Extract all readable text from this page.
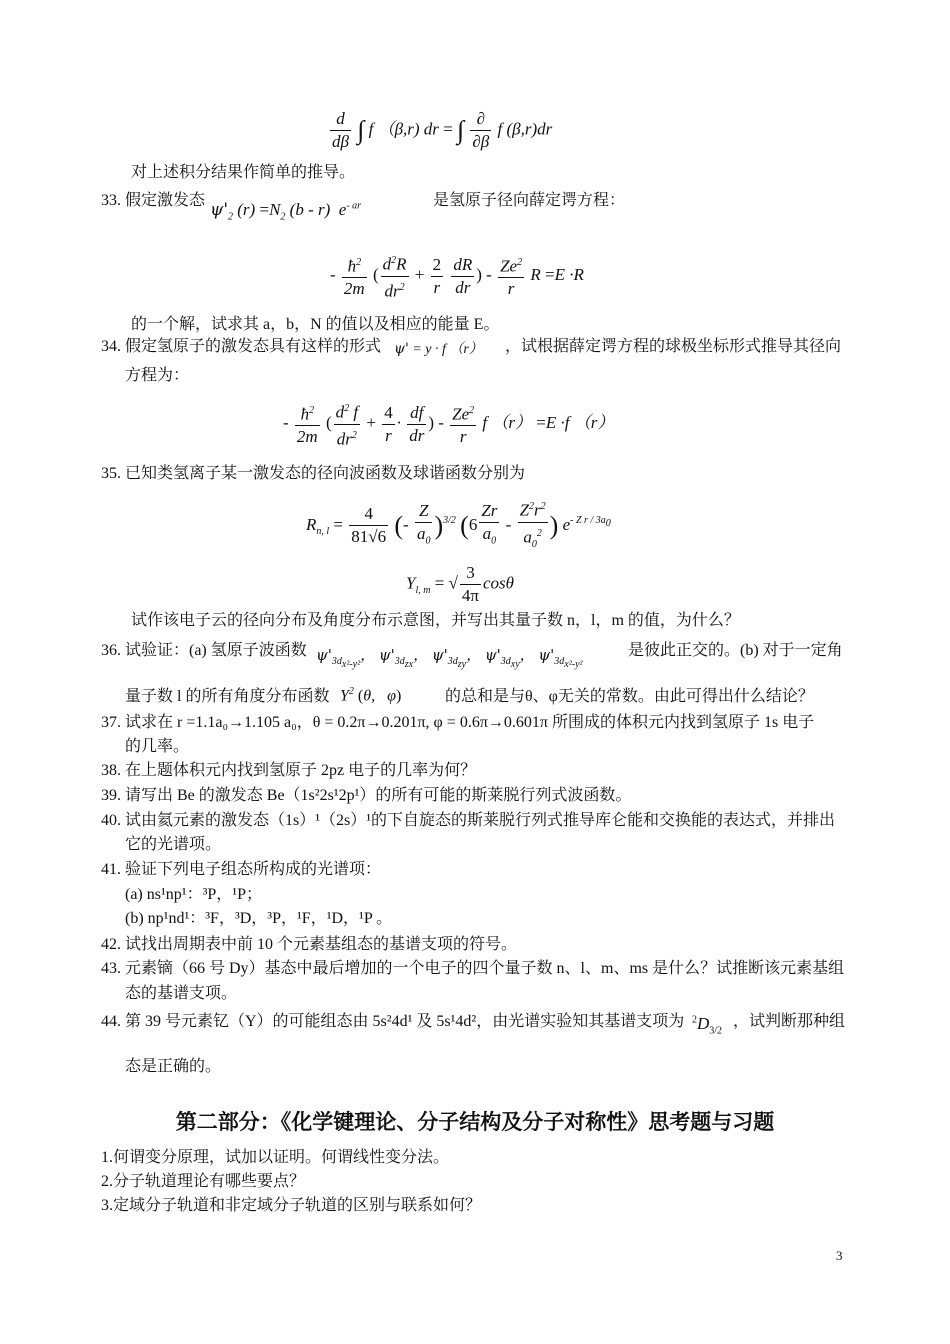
$\frac{d}{d\beta}$ ∫ f （β,r) dr = ∫ $\frac{\partial}{\partial\beta}$ f (β,r)dr
对上述积分结果作简单的推导。
33. 假定激发态 $\psi'_2$ $(r) =N_2$ (b - r)  $e^{- ar}$	是氢原子径向薛定谔方程：
- $\frac{ħ^2}{2m}$ ( $\frac{d^2R}{dr^2} + \frac{2}{r}$
$\frac{dR}{dr}$ ) - $\frac{Ze^2}{r}$ R =E ·R
的一个解，试求其 a，b，N 的值以及相应的能量 E。
34. 假定氢原子的激发态具有这样的形式 ψ' = y · f （r） ，试根据薛定谔方程的球极坐标形式推导其径向
方程为：
- $\frac{ħ^2}{2m}$ ( $\frac{d^2 f}{dr^2} + \frac{4}{r} \cdot \frac{df}{dr}$ ) - $\frac{Ze^2}{r}$ f （r） =E ·f （r）
35. 已知类氢离子某一激发态的径向波函数及球谐函数分别为
$R_{n, l} = \frac{4}{81√6}$ (- $\frac{Z}{a_0} )^{3/2}$ ($6 \frac{Zr}{a_0} - \frac{Z^2r^2}{a_0^2}$ ) $e^{- Z r / 3a_0}$
$Y_{l, m}$ = √ $\frac{3}{4\pi}$ cosθ
试作该电子云的径向分布及角度分布示意图，并写出其量子数 n，l，m 的值，为什么？
36. 试验证：(a) 氢原子波函数 $\psi'_{3d_{x^2-y^2}}$， $\psi'_{3d_{zx}}$， $\psi'_{3d_{zy}}$， $\psi'_{3d_{xy}}$， $\psi'_{3d_{x^2-y^2}}$
是彼此正交的。(b) 对于一定角
量子数 l 的所有角度分布函数 $Y^2$ (θ,   φ)	的总和是与θ、φ无关的常数。由此可得出什么结论？
37. 试求在 r =1.1a₀→1.105 a₀，θ = 0.2π→0.201π, φ = 0.6π→0.601π 所围成的体积元内找到氢原子 1s 电子
的几率。
38. 在上题体积元内找到氢原子 2pz 电子的几率为何？
39. 请写出 Be 的激发态 Be（1s²2s¹2p¹）的所有可能的斯莱脱行列式波函数。
40. 试由氦元素的激发态（1s）¹（2s）¹的下自旋态的斯莱脱行列式推导库仑能和交换能的表达式，并排出
它的光谱项。
41. 验证下列电子组态所构成的光谱项：
(a) ns¹np¹：³P，¹P；
(b) np¹nd¹：³F，³D，³P，¹F，¹D，¹P 。
42. 试找出周期表中前 10 个元素基组态的基谱支项的符号。
43. 元素镝（66 号 Dy）基态中最后增加的一个电子的四个量子数 n、l、m、ms 是什么？试推断该元素基组
态的基谱支项。
44. 第 39 号元素钇（Y）的可能组态由 5s²4d¹ 及 5s¹4d²，由光谱实验知其基谱支项为 $^2D_{3/2}$
，试判断那种组
态是正确的。
第二部分：《化学键理论、分子结构及分子对称性》思考题与习题
1.何谓变分原理，试加以证明。何谓线性变分法。
2.分子轨道理论有哪些要点？
3.定域分子轨道和非定域分子轨道的区别与联系如何？
3
